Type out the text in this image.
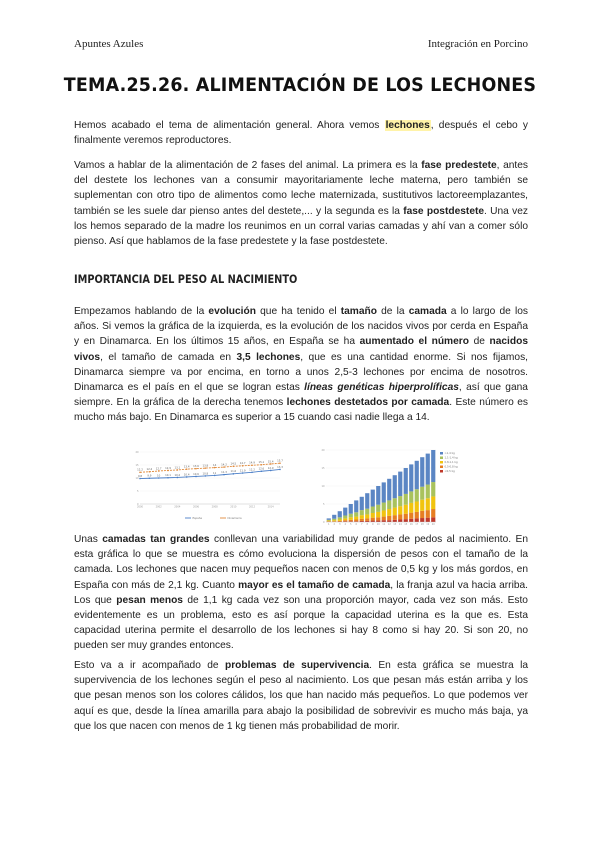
Apuntes Azules	Integración en Porcino
TEMA.25.26. ALIMENTACIÓN DE LOS LECHONES

Hemos acabado el tema de alimentación general. Ahora vemos lechones, después el cebo y finalmente veremos reproductores.

Vamos a hablar de la alimentación de 2 fases del animal. La primera es la fase predestete, antes del destete los lechones van a consumir mayoritariamente leche materna, pero también se suplementan con otro tipo de alimentos como leche maternizada, sustitutivos lactoreemplazantes, también se les suele dar pienso antes del destete,... y la segunda es la fase postdestete. Una vez los hemos separado de la madre los reunimos en un corral varias camadas y ahí van a comer sólo pienso. Así que hablamos de la fase predestete y la fase postdestete.

IMPORTANCIA DEL PESO AL NACIMIENTO

Empezamos hablando de la evolución que ha tenido el tamaño de la camada a lo largo de los años. Si vemos la gráfica de la izquierda, es la evolución de los nacidos vivos por cerda en España y en Dinamarca. En los últimos 15 años, en España se ha aumentado el número de nacidos vivos, el tamaño de camada en 3,5 lechones, que es una cantidad enorme. Si nos fijamos, Dinamarca siempre va por encima, en torno a unos 2,5-3 lechones por encima de nosotros. Dinamarca es el país en el que se logran estas líneas genéticas hiperprolíficas, así que gana siempre. En la gráfica de la derecha tenemos lechones destetados por camada. Este número es mucho más bajo. En Dinamarca es superior a 15 cuando casi nadie llega a 14.

0
5
10
15
20
2000	2002	2004	2006	2008	2010	2012	2014
9.8 9.9 10 10.1 10.2 10.4 10.6 10.8 11 11.3 11.6 11.9 12.2 12.6 12.9 13.3
12.2 12.4 12.7 12.9 13.1 13.4 13.6 13.8 14 14.2 14.5 14.7 14.9 15.1 15.4 15.7
España	Dinamarca
0
5
10
15
20
1 2 3 4 5 6 7 8 9 10 11 12 13 14 15 16 17 18 19 20
>1,4 kg
1,1-1,4 kg
0,8-1,1 kg
0,5-0,8 kg
<0,5 kg

Unas camadas tan grandes conllevan una variabilidad muy grande de pedos al nacimiento. En esta gráfica lo que se muestra es cómo evoluciona la dispersión de pesos con el tamaño de la camada. Los lechones que nacen muy pequeños nacen con menos de 0,5 kg y los más gordos, en España con más de 2,1 kg. Cuanto mayor es el tamaño de camada, la franja azul va hacia arriba. Los que pesan menos de 1,1 kg cada vez son una proporción mayor, cada vez son más. Esto evidentemente es un problema, esto es así porque la capacidad uterina es la que es. Esta capacidad uterina permite el desarrollo de los lechones si hay 8 como si hay 20. Si son 20, no pueden ser muy grandes entonces.

Esto va a ir acompañado de problemas de supervivencia. En esta gráfica se muestra la supervivencia de los lechones según el peso al nacimiento. Los que pesan más están arriba y los que pesan menos son los colores cálidos, los que han nacido más pequeños. Lo que podemos ver aquí es que, desde la línea amarilla para abajo la posibilidad de sobrevivir es mucho más baja, ya que los que nacen con menos de 1 kg tienen más probabilidad de morir.
